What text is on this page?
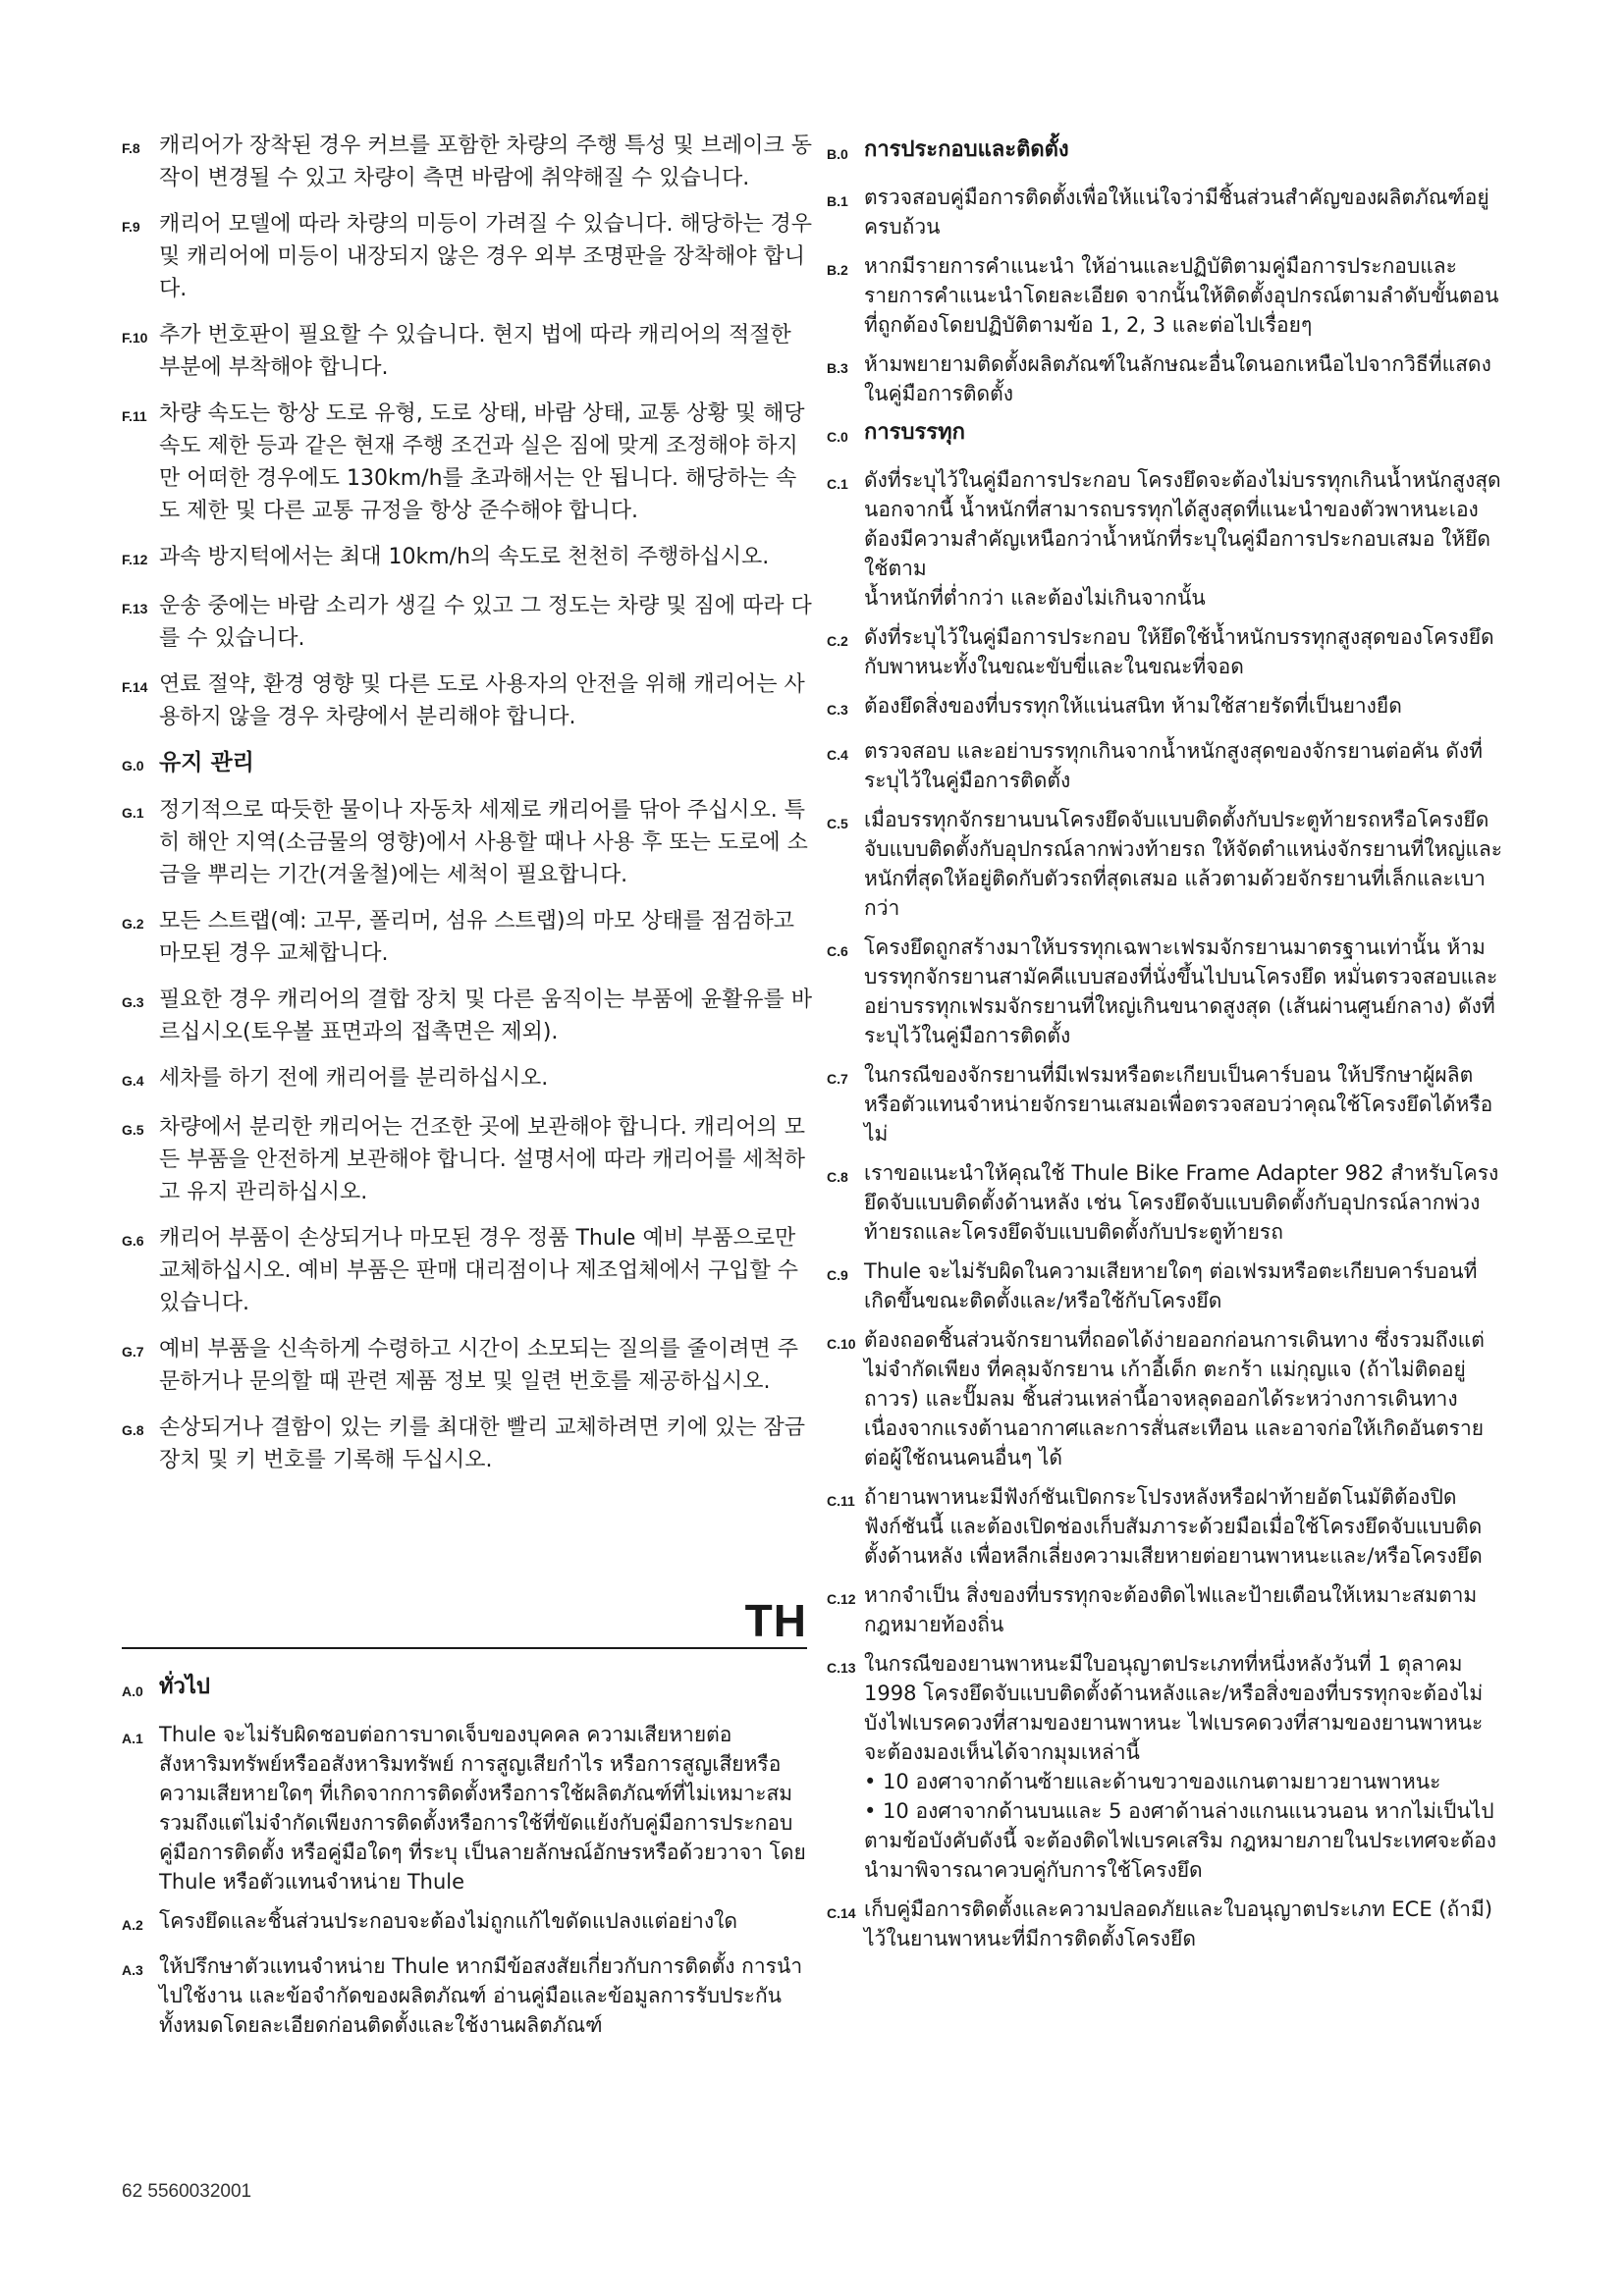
F.8 캐리어가 장착된 경우 커브를 포함한 차량의 주행 특성 및 브레이크 동작이 변경될 수 있고 차량이 측면 바람에 취약해질 수 있습니다.
F.9 캐리어 모델에 따라 차량의 미등이 가려질 수 있습니다. 해당하는 경우
및 캐리어에 미등이 내장되지 않은 경우 외부 조명판을 장착해야 합니다.
F.10 추가 번호판이 필요할 수 있습니다. 현지 법에 따라 캐리어의 적절한 부분에 부착해야 합니다.
F.11 차량 속도는 항상 도로 유형, 도로 상태, 바람 상태, 교통 상황 및 해당 속도 제한 등과 같은 현재 주행 조건과 실은 짐에 맞게 조정해야 하지만 어떠한 경우에도 130km/h를 초과해서는 안 됩니다. 해당하는 속도 제한 및 다른 교통 규정을 항상 준수해야 합니다.
F.12 과속 방지턱에서는 최대 10km/h의 속도로 천천히 주행하십시오.
F.13 운송 중에는 바람 소리가 생길 수 있고 그 정도는 차량 및 짐에 따라 다를 수 있습니다.
F.14 연료 절약, 환경 영향 및 다른 도로 사용자의 안전을 위해 캐리어는 사용하지 않을 경우 차량에서 분리해야 합니다.
G.0 유지 관리
G.1 정기적으로 따듯한 물이나 자동차 세제로 캐리어를 닦아 주십시오. 특히 해안 지역(소금물의 영향)에서 사용할 때나 사용 후 또는 도로에 소금을 뿌리는 기간(겨울철)에는 세척이 필요합니다.
G.2 모든 스트랩(예: 고무, 폴리머, 섬유 스트랩)의 마모 상태를 점검하고 마모된 경우 교체합니다.
G.3 필요한 경우 캐리어의 결합 장치 및 다른 움직이는 부품에 윤활유를 바르십시오(토우볼 표면과의 접촉면은 제외).
G.4 세차를 하기 전에 캐리어를 분리하십시오.
G.5 차량에서 분리한 캐리어는 건조한 곳에 보관해야 합니다. 캐리어의 모든 부품을 안전하게 보관해야 합니다. 설명서에 따라 캐리어를 세척하고 유지 관리하십시오.
G.6 캐리어 부품이 손상되거나 마모된 경우 정품 Thule 예비 부품으로만 교체하십시오. 예비 부품은 판매 대리점이나 제조업체에서 구입할 수 있습니다.
G.7 예비 부품을 신속하게 수령하고 시간이 소모되는 질의를 줄이려면 주문하거나 문의할 때 관련 제품 정보 및 일련 번호를 제공하십시오.
G.8 손상되거나 결함이 있는 키를 최대한 빨리 교체하려면 키에 있는 잠금 장치 및 키 번호를 기록해 두십시오.
TH
A.0 ทั่วไป
A.1 Thule จะไม่รับผิดชอบต่อการบาดเจ็บของบุคคล ความเสียหายต่อสังหาริมทรัพย์หรืออสังหาริมทรัพย์ การสูญเสียกำไร หรือการสูญเสียหรือความเสียหายใดๆ ที่เกิดจากการติดตั้งหรือการใช้ผลิตภัณฑ์ที่ไม่เหมาะสม รวมถึงแต่ไม่จำกัดเพียงการติดตั้งหรือการใช้ที่ขัดแย้งกับคู่มือการประกอบ คู่มือการติดตั้ง หรือคู่มือใดๆ ที่ระบุ เป็นลายลักษณ์อักษรหรือด้วยวาจา โดย Thule หรือตัวแทนจำหน่าย Thule
A.2 โครงยึดและชิ้นส่วนประกอบจะต้องไม่ถูกแก้ไขดัดแปลงแต่อย่างใด
A.3 ให้ปรึกษาตัวแทนจำหน่าย Thule หากมีข้อสงสัยเกี่ยวกับการติดตั้ง การนำไปใช้งาน และข้อจำกัดของผลิตภัณฑ์ อ่านคู่มือและข้อมูลการรับประกันทั้งหมดโดยละเอียดก่อนติดตั้งและใช้งานผลิตภัณฑ์
B.0 การประกอบและติดตั้ง
B.1 ตรวจสอบคู่มือการติดตั้งเพื่อให้แน่ใจว่ามีชิ้นส่วนสำคัญของผลิตภัณฑ์อยู่ครบถ้วน
B.2 หากมีรายการคำแนะนำ ให้อ่านและปฏิบัติตามคู่มือการประกอบและรายการคำแนะนำโดยละเอียด จากนั้นให้ติดตั้งอุปกรณ์ตามลำดับขั้นตอนที่ถูกต้องโดยปฏิบัติตามข้อ 1, 2, 3 และต่อไปเรื่อยๆ
B.3 ห้ามพยายามติดตั้งผลิตภัณฑ์ในลักษณะอื่นใดนอกเหนือไปจากวิธีที่แสดงในคู่มือการติดตั้ง
C.0 การบรรทุก
C.1 ดังที่ระบุไว้ในคู่มือการประกอบ โครงยึดจะต้องไม่บรรทุกเกินน้ำหนักสูงสุด นอกจากนี้ น้ำหนักที่สามารถบรรทุกได้สูงสุดที่แนะนำของตัวพาหนะเองต้องมีความสำคัญเหนือกว่าน้ำหนักที่ระบุในคู่มือการประกอบเสมอ ให้ยึดใช้ตาม
น้ำหนักที่ต่ำกว่า และต้องไม่เกินจากนั้น
C.2 ดังที่ระบุไว้ในคู่มือการประกอบ ให้ยึดใช้น้ำหนักบรรทุกสูงสุดของโครงยึดกับพาหนะทั้งในขณะขับขี่และในขณะที่จอด
C.3 ต้องยึดสิ่งของที่บรรทุกให้แน่นสนิท ห้ามใช้สายรัดที่เป็นยางยืด
C.4 ตรวจสอบ และอย่าบรรทุกเกินจากน้ำหนักสูงสุดของจักรยานต่อคัน ดังที่ระบุไว้ในคู่มือการติดตั้ง
C.5 เมื่อบรรทุกจักรยานบนโครงยึดจับแบบติดตั้งกับประตูท้ายรถหรือโครงยึดจับแบบติดตั้งกับอุปกรณ์ลากพ่วงท้ายรถ ให้จัดตำแหน่งจักรยานที่ใหญ่และหนักที่สุดให้อยู่ติดกับตัวรถที่สุดเสมอ แล้วตามด้วยจักรยานที่เล็กและเบากว่า
C.6 โครงยึดถูกสร้างมาให้บรรทุกเฉพาะเฟรมจักรยานมาตรฐานเท่านั้น ห้ามบรรทุกจักรยานสามัคคีแบบสองที่นั่งขึ้นไปบนโครงยึด หมั่นตรวจสอบและอย่าบรรทุกเฟรมจักรยานที่ใหญ่เกินขนาดสูงสุด (เส้นผ่านศูนย์กลาง) ดังที่ระบุไว้ในคู่มือการติดตั้ง
C.7 ในกรณีของจักรยานที่มีเฟรมหรือตะเกียบเป็นคาร์บอน ให้ปรึกษาผู้ผลิตหรือตัวแทนจำหน่ายจักรยานเสมอเพื่อตรวจสอบว่าคุณใช้โครงยึดได้หรือไม่
C.8 เราขอแนะนำให้คุณใช้ Thule Bike Frame Adapter 982 สำหรับโครงยึดจับแบบติดตั้งด้านหลัง เช่น โครงยึดจับแบบติดตั้งกับอุปกรณ์ลากพ่วงท้ายรถและโครงยึดจับแบบติดตั้งกับประตูท้ายรถ
C.9 Thule จะไม่รับผิดในความเสียหายใดๆ ต่อเฟรมหรือตะเกียบคาร์บอนที่เกิดขึ้นขณะติดตั้งและ/หรือใช้กับโครงยึด
C.10 ต้องถอดชิ้นส่วนจักรยานที่ถอดได้ง่ายออกก่อนการเดินทาง ซึ่งรวมถึงแต่ไม่จำกัดเพียง ที่คลุมจักรยาน เก้าอี้เด็ก ตะกร้า แม่กุญแจ (ถ้าไม่ติดอยู่ถาวร) และปั๊มลม ชิ้นส่วนเหล่านี้อาจหลุดออกได้ระหว่างการเดินทางเนื่องจากแรงต้านอากาศและการสั่นสะเทือน และอาจก่อให้เกิดอันตรายต่อผู้ใช้ถนนคนอื่นๆ ได้
C.11 ถ้ายานพาหนะมีฟังก์ชันเปิดกระโปรงหลังหรือฝาท้ายอัตโนมัติต้องปิดฟังก์ชันนี้ และต้องเปิดช่องเก็บสัมภาระด้วยมือเมื่อใช้โครงยึดจับแบบติดตั้งด้านหลัง เพื่อหลีกเลี่ยงความเสียหายต่อยานพาหนะและ/หรือโครงยึด
C.12 หากจำเป็น สิ่งของที่บรรทุกจะต้องติดไฟและป้ายเตือนให้เหมาะสมตามกฎหมายท้องถิ่น
C.13 ในกรณีของยานพาหนะมีใบอนุญาตประเภทที่หนึ่งหลังวันที่ 1 ตุลาคม 1998 โครงยึดจับแบบติดตั้งด้านหลังและ/หรือสิ่งของที่บรรทุกจะต้องไม่บังไฟเบรคดวงที่สามของยานพาหนะ ไฟเบรคดวงที่สามของยานพาหนะจะต้องมองเห็นได้จากมุมเหล่านี้
• 10 องศาจากด้านซ้ายและด้านขวาของแกนตามยาวยานพาหนะ
• 10 องศาจากด้านบนและ 5 องศาด้านล่างแกนแนวนอน หากไม่เป็นไปตามข้อบังคับดังนี้ จะต้องติดไฟเบรคเสริม กฎหมายภายในประเทศจะต้องนำมาพิจารณาควบคู่กับการใช้โครงยึด
C.14 เก็บคู่มือการติดตั้งและความปลอดภัยและใบอนุญาตประเภท ECE (ถ้ามี) ไว้ในยานพาหนะที่มีการติดตั้งโครงยึด
62 5560032001
